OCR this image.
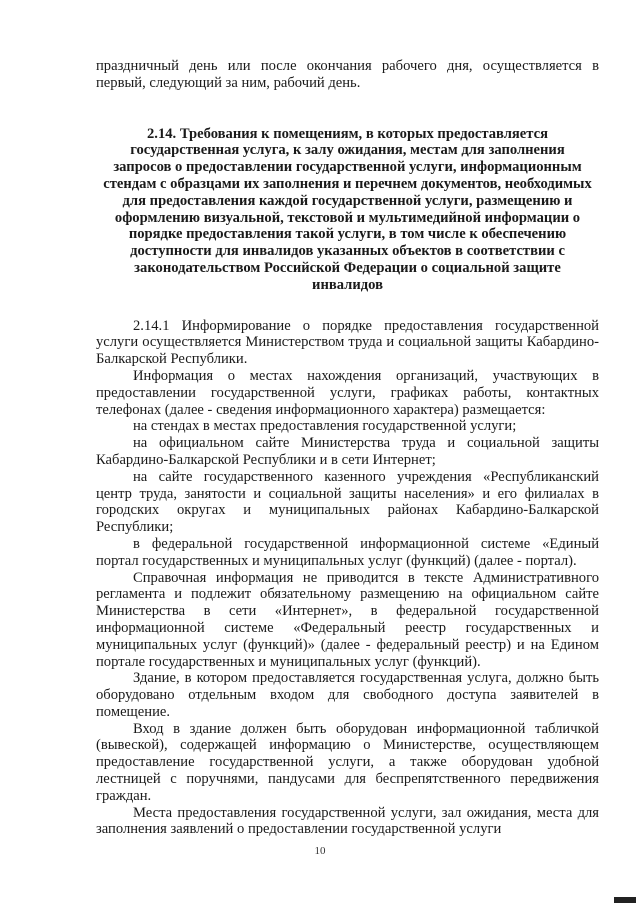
праздничный день или после окончания рабочего дня, осуществляется в первый, следующий за ним, рабочий день.

2.14. Требования к помещениям, в которых предоставляется государственная услуга, к залу ожидания, местам для заполнения запросов о предоставлении государственной услуги, информационным стендам с образцами их заполнения и перечнем документов, необходимых для предоставления каждой государственной услуги, размещению и оформлению визуальной, текстовой и мультимедийной информации о порядке предоставления такой услуги, в том числе к обеспечению доступности для инвалидов указанных объектов в соответствии с законодательством Российской Федерации о социальной защите инвалидов

2.14.1 Информирование о порядке предоставления государственной услуги осуществляется Министерством труда и социальной защиты Кабардино-Балкарской Республики.

Информация о местах нахождения организаций, участвующих в предоставлении государственной услуги, графиках работы, контактных телефонах (далее - сведения информационного характера) размещается:

на стендах в местах предоставления государственной услуги;

на официальном сайте Министерства труда и социальной защиты Кабардино-Балкарской Республики и в сети Интернет;

на сайте государственного казенного учреждения «Республиканский центр труда, занятости и социальной защиты населения» и его филиалах в городских округах и муниципальных районах Кабардино-Балкарской Республики;

в федеральной государственной информационной системе «Единый портал государственных и муниципальных услуг (функций) (далее - портал).

Справочная информация не приводится в тексте Административного регламента и подлежит обязательному размещению на официальном сайте Министерства в сети «Интернет», в федеральной государственной информационной системе «Федеральный реестр государственных и муниципальных услуг (функций)» (далее - федеральный реестр) и на Едином портале государственных и муниципальных услуг (функций).

Здание, в котором предоставляется государственная услуга, должно быть оборудовано отдельным входом для свободного доступа заявителей в помещение.

Вход в здание должен быть оборудован информационной табличкой (вывеской), содержащей информацию о Министерстве, осуществляющем предоставление государственной услуги, а также оборудован удобной лестницей с поручнями, пандусами для беспрепятственного передвижения граждан.

Места предоставления государственной услуги, зал ожидания, места для заполнения заявлений о предоставлении государственной услуги

10
